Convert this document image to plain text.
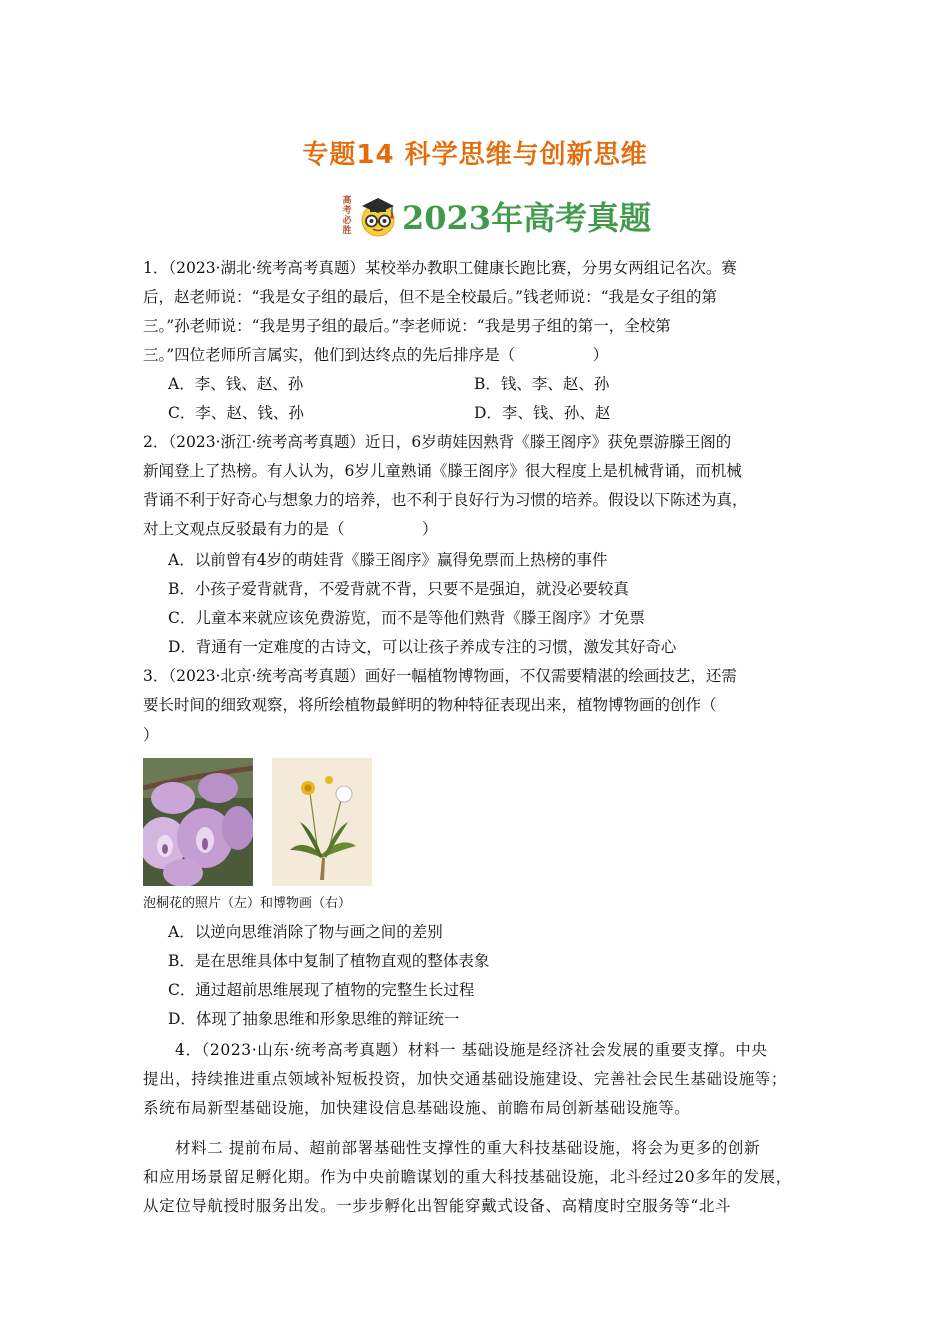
专题14 科学思维与创新思维
高
考
必
胜 2023年高考真题
1．（2023·湖北·统考高考真题）某校举办教职工健康长跑比赛，分男女两组记名次。赛
后，赵老师说：“我是女子组的最后，但不是全校最后。”钱老师说：“我是女子组的第
三。”孙老师说：“我是男子组的最后。”李老师说：“我是男子组的第一，全校第
三。”四位老师所言属实，他们到达终点的先后排序是（　　　　　）
A．李、钱、赵、孙	B．钱、李、赵、孙
C．李、赵、钱、孙	D．李、钱、孙、赵
2．（2023·浙江·统考高考真题）近日，6岁萌娃因熟背《滕王阁序》获免票游滕王阁的
新闻登上了热榜。有人认为，6岁儿童熟诵《滕王阁序》很大程度上是机械背诵，而机械
背诵不利于好奇心与想象力的培养，也不利于良好行为习惯的培养。假设以下陈述为真，
对上文观点反驳最有力的是（　　　　　）
A．以前曾有4岁的萌娃背《滕王阁序》赢得免票而上热榜的事件
B．小孩子爱背就背，不爱背就不背，只要不是强迫，就没必要较真
C．儿童本来就应该免费游览，而不是等他们熟背《滕王阁序》才免票
D．背通有一定难度的古诗文，可以让孩子养成专注的习惯，激发其好奇心
3．（2023·北京·统考高考真题）画好一幅植物博物画，不仅需要精湛的绘画技艺，还需
要长时间的细致观察，将所绘植物最鲜明的物种特征表现出来，植物博物画的创作（
）
泡桐花的照片（左）和博物画（右）
A．以逆向思维消除了物与画之间的差别
B．是在思维具体中复制了植物直观的整体表象
C．通过超前思维展现了植物的完整生长过程
D．体现了抽象思维和形象思维的辩证统一
4．（2023·山东·统考高考真题）材料一 基础设施是经济社会发展的重要支撑。中央
提出，持续推进重点领域补短板投资，加快交通基础设施建设、完善社会民生基础设施等；
系统布局新型基础设施，加快建设信息基础设施、前瞻布局创新基础设施等。
材料二 提前布局、超前部署基础性支撑性的重大科技基础设施，将会为更多的创新
和应用场景留足孵化期。作为中央前瞻谋划的重大科技基础设施，北斗经过20多年的发展，
从定位导航授时服务出发。一步步孵化出智能穿戴式设备、高精度时空服务等“北斗
